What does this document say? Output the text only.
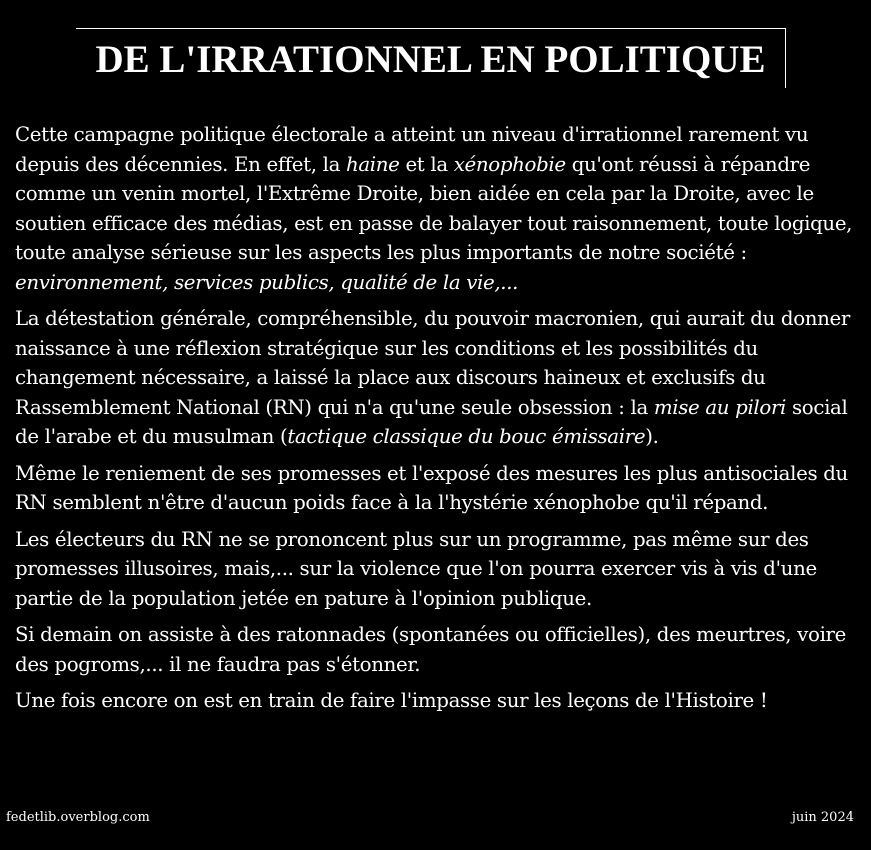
DE L'IRRATIONNEL EN POLITIQUE

Cette campagne politique électorale a atteint un niveau d'irrationnel rarement vu depuis des décennies. En effet, la haine et la xénophobie qu'ont réussi à répandre comme un venin mortel, l'Extrême Droite, bien aidée en cela par la Droite, avec le soutien efficace des médias, est en passe de balayer tout raisonnement, toute logique, toute analyse sérieuse sur les aspects les plus importants de notre société : environnement, services publics, qualité de la vie,...

La détestation générale, compréhensible, du pouvoir macronien, qui aurait du donner naissance à une réflexion stratégique sur les conditions et les possibilités du changement nécessaire, a laissé la place aux discours haineux et exclusifs du Rassemblement National (RN) qui n'a qu'une seule obsession : la mise au pilori social de l'arabe et du musulman (tactique classique du bouc émissaire).

Même le reniement de ses promesses et l'exposé des mesures les plus antisociales du RN semblent n'être d'aucun poids face à la l'hystérie xénophobe qu'il répand.

Les électeurs du RN ne se prononcent plus sur un programme, pas même sur des promesses illusoires, mais,... sur la violence que l'on pourra exercer vis à vis d'une partie de la population jetée en pature à l'opinion publique.

Si demain on assiste à des ratonnades (spontanées ou officielles), des meurtres, voire des pogroms,... il ne faudra pas s'étonner.

Une fois encore on est en train de faire l'impasse sur les leçons de l'Histoire !

fedetlib.overblog.com	juin 2024
